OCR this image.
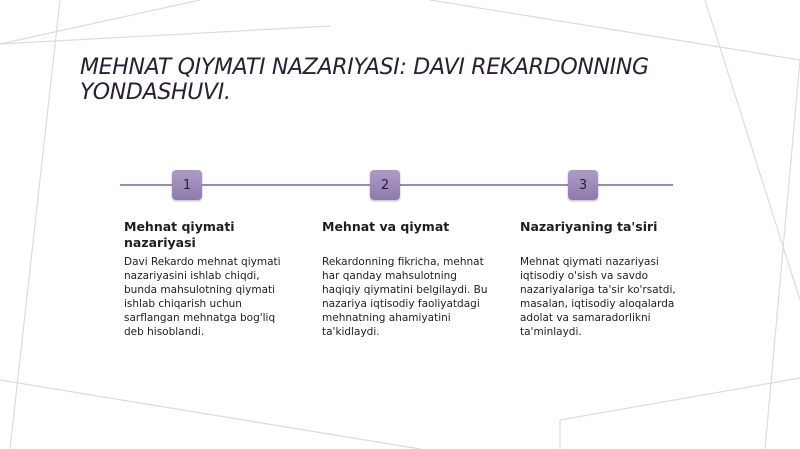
MEHNAT QIYMATI NAZARIYASI: DAVI REKARDONNING YONDASHUVI.
1	2	3
Mehnat qiymati nazariyasi

Davi Rekardo mehnat qiymati nazariyasini ishlab chiqdi, bunda mahsulotning qiymati ishlab chiqarish uchun sarflangan mehnatga bog'liq deb hisoblandi.

Mehnat va qiymat

Rekardonning fikricha, mehnat har qanday mahsulotning haqiqiy qiymatini belgilaydi. Bu nazariya iqtisodiy faoliyatdagi mehnatning ahamiyatini ta'kidlaydi.

Nazariyaning ta'siri

Mehnat qiymati nazariyasi iqtisodiy o'sish va savdo nazariyalariga ta'sir ko'rsatdi, masalan, iqtisodiy aloqalarda adolat va samaradorlikni ta'minlaydi.
